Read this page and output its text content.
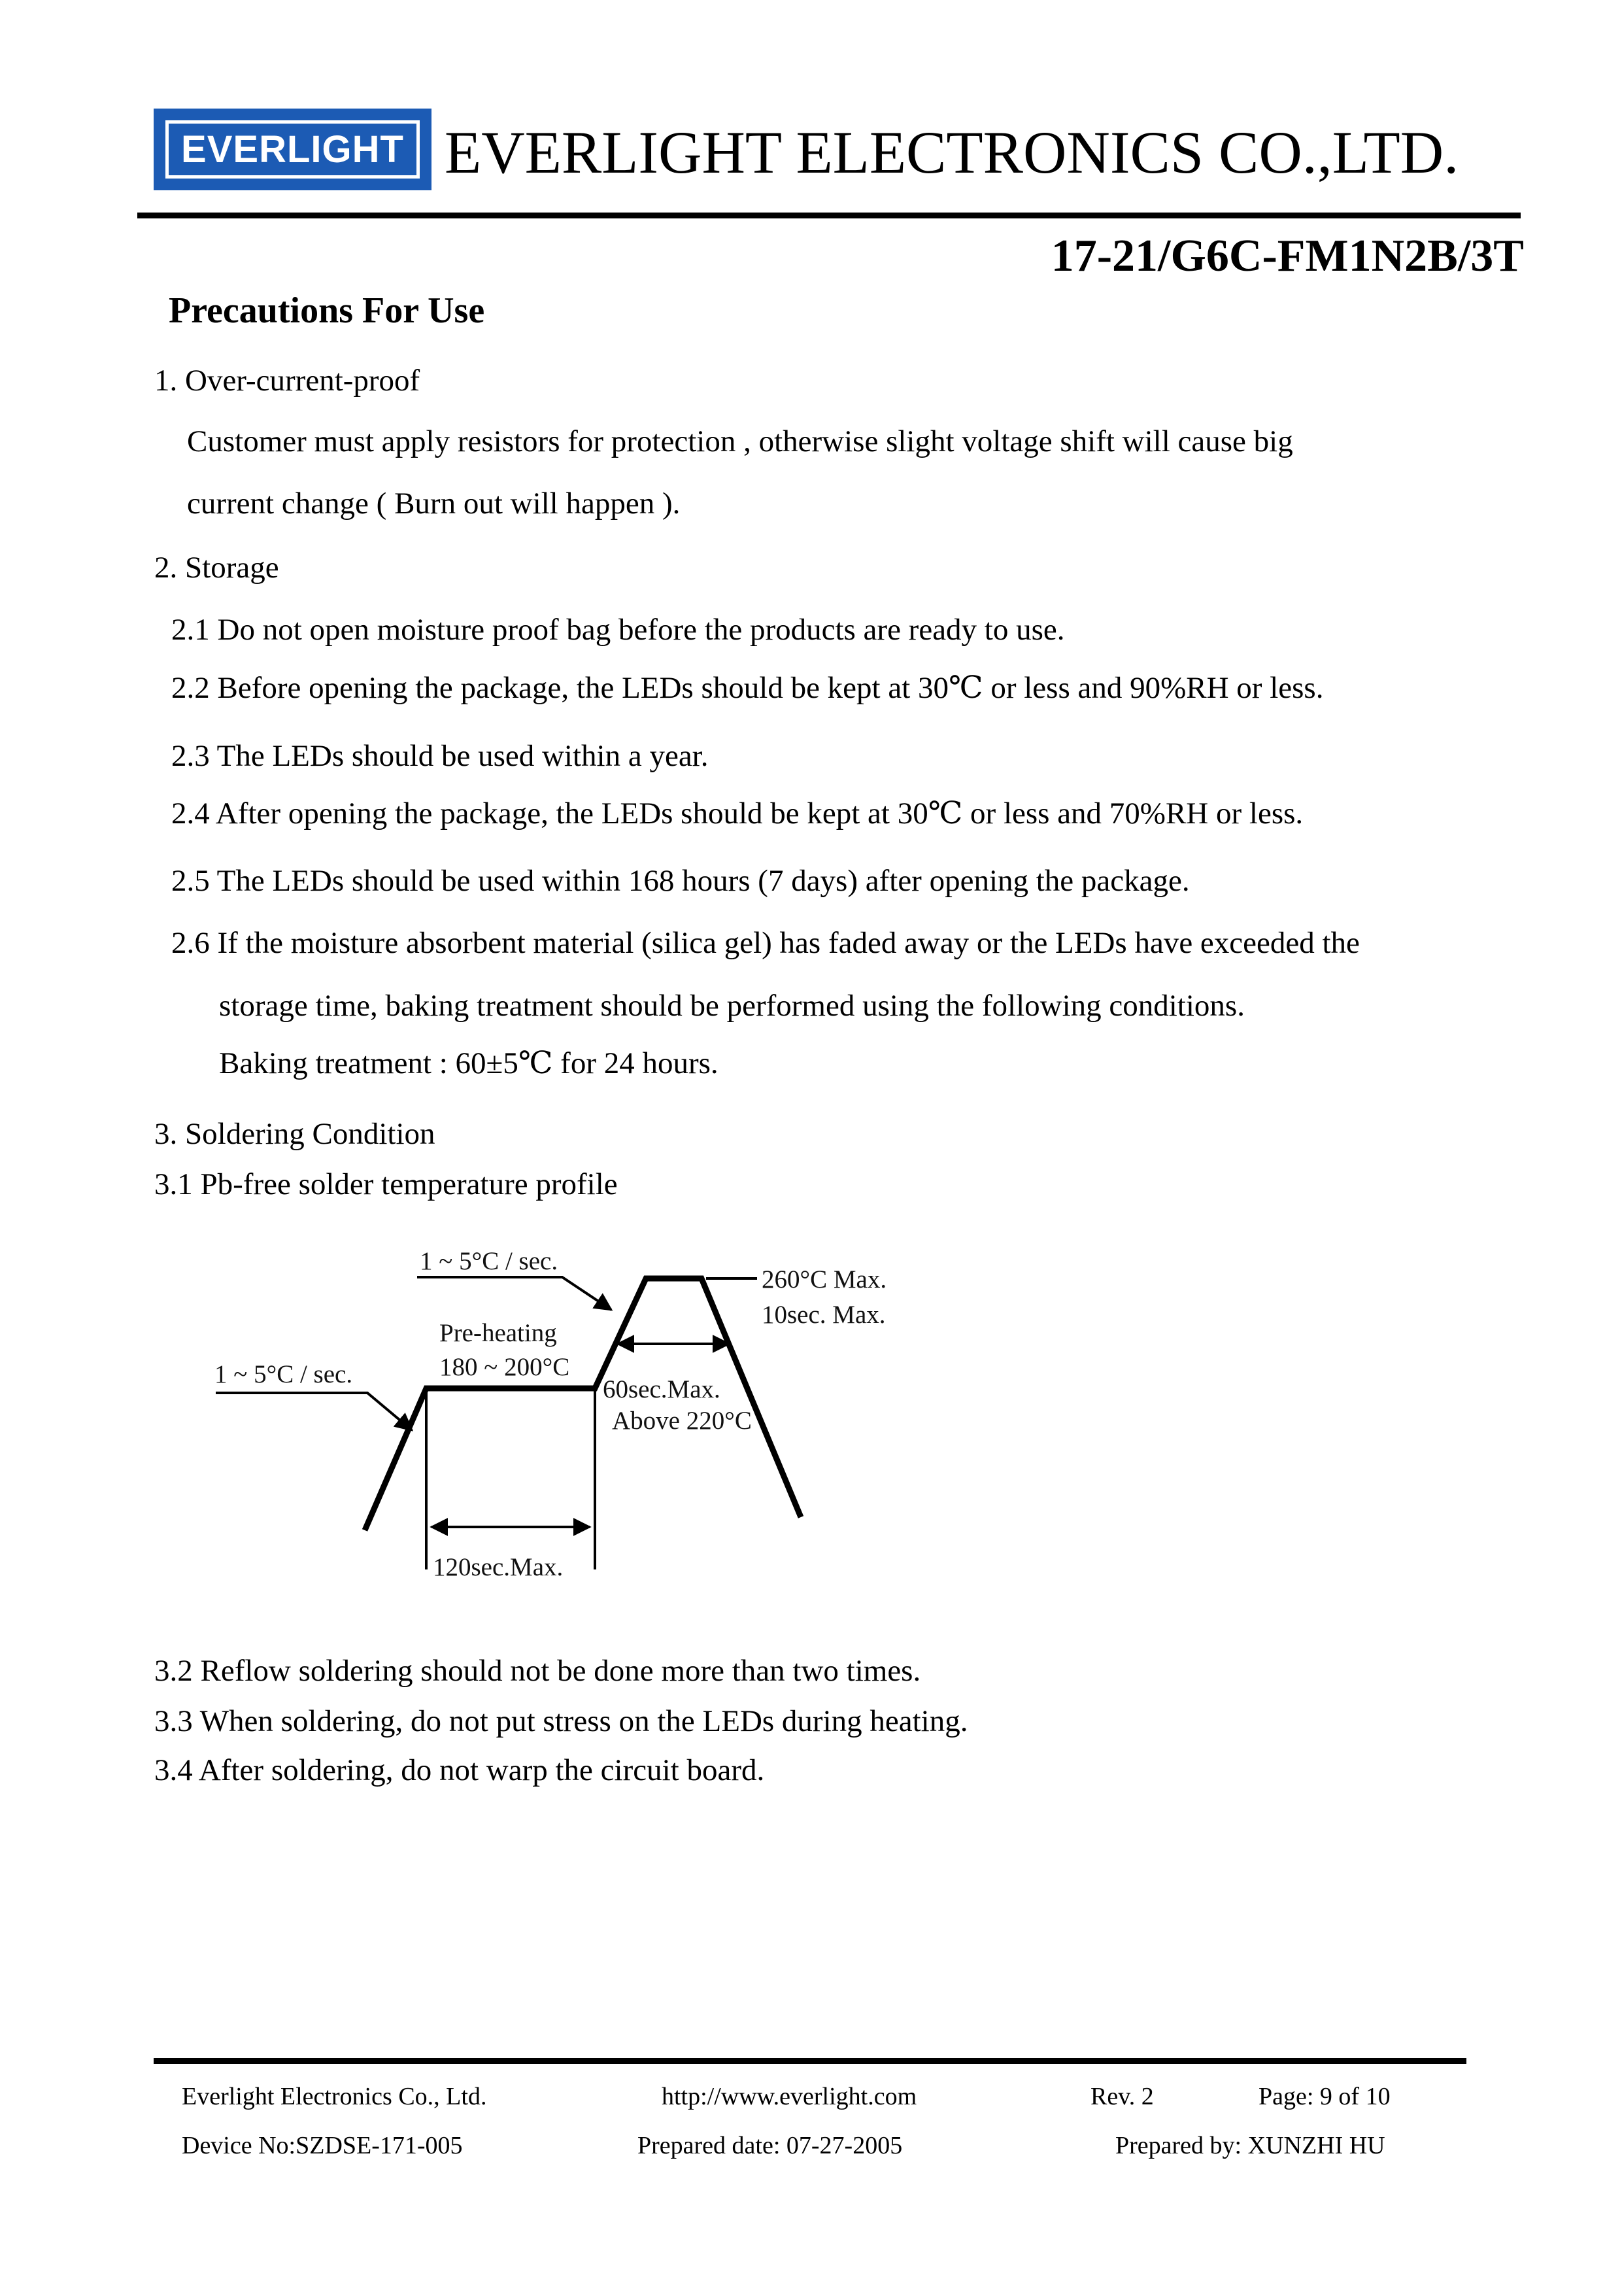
EVERLIGHT EVERLIGHT ELECTRONICS CO.,LTD.
17-21/G6C-FM1N2B/3T
Precautions For Use

1. Over-current-proof

Customer must apply resistors for protection , otherwise slight voltage shift will cause big

current change ( Burn out will happen ).

2. Storage

2.1 Do not open moisture proof bag before the products are ready to use.

2.2 Before opening the package, the LEDs should be kept at 30℃ or less and 90%RH or less.

2.3 The LEDs should be used within a year.

2.4 After opening the package, the LEDs should be kept at 30℃ or less and 70%RH or less.

2.5 The LEDs should be used within 168 hours (7 days) after opening the package.

2.6 If the moisture absorbent material (silica gel) has faded away or the LEDs have exceeded the

storage time, baking treatment should be performed using the following conditions.

Baking treatment : 60±5℃ for 24 hours.

3. Soldering Condition

3.1 Pb-free solder temperature profile

1 ~ 5°C / sec.

1 ~ 5°C / sec.

Pre-heating

180 ~ 200°C

260°C Max.

10sec. Max.

60sec.Max.

Above 220°C

120sec.Max.

3.2 Reflow soldering should not be done more than two times.

3.3 When soldering, do not put stress on the LEDs during heating.

3.4 After soldering, do not warp the circuit board.

Everlight Electronics Co., Ltd.	http://www.everlight.com	Rev. 2	Page: 9 of 10

Device No:SZDSE-171-005	Prepared date: 07-27-2005	Prepared by: XUNZHI HU
